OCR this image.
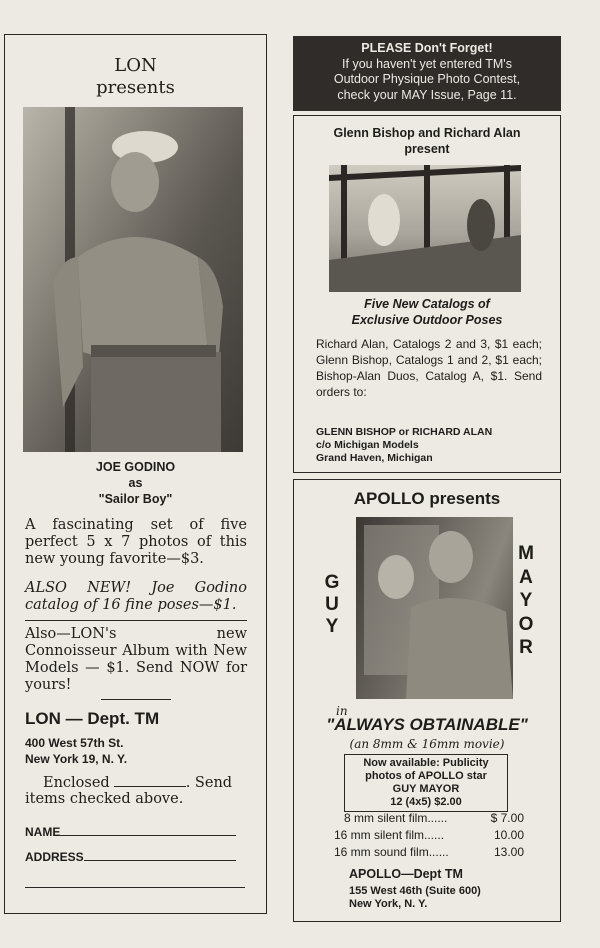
LON
presents
JOE GODINO
as
"Sailor Boy"
A fascinating set of five perfect 5 x 7 photos of this new young favorite—$3.
ALSO NEW! Joe Godino catalog of 16 fine poses—$1.
Also—LON's new Connoisseur Album with New Models — $1. Send NOW for yours!
LON — Dept. TM
400 West 57th St.
New York 19, N. Y.
Enclosed	. Send
items checked above.
NAME
ADDRESS
PLEASE Don't Forget!
If you haven't yet entered TM's
Outdoor Physique Photo Contest,
check your MAY Issue, Page 11.
Glenn Bishop and Richard Alan
present
Five New Catalogs of
Exclusive Outdoor Poses
Richard Alan, Catalogs 2 and 3, $1 each; Glenn Bishop, Catalogs 1 and 2, $1 each; Bishop-Alan Duos, Catalog A, $1. Send orders to:
GLENN BISHOP or RICHARD ALAN
c/o Michigan Models
Grand Haven, Michigan
APOLLO presents
G
U
Y
M
A
Y
O
R
in
"ALWAYS OBTAINABLE"
(an 8mm & 16mm movie)
Now available: Publicity
photos of APOLLO star
GUY MAYOR
12 (4x5) $2.00
8 mm silent film......	$ 7.00
16 mm silent film......	10.00
16 mm sound film......	13.00
APOLLO—Dept TM
155 West 46th (Suite 600)
New York, N. Y.
